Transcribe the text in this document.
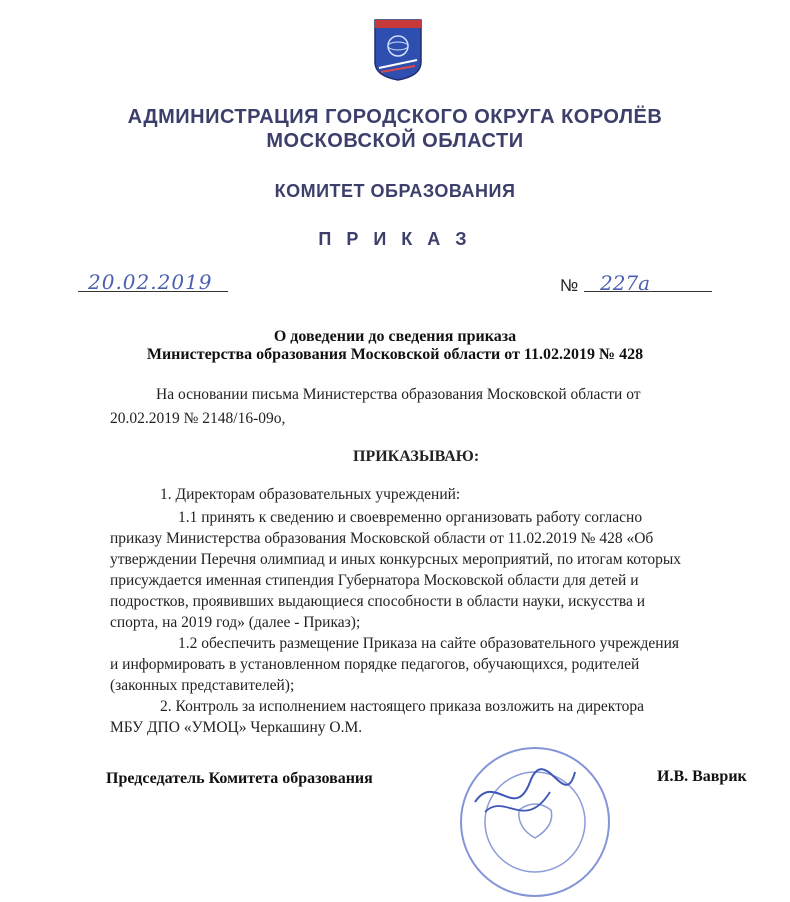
АДМИНИСТРАЦИЯ ГОРОДСКОГО ОКРУГА КОРОЛЁВ
МОСКОВСКОЙ ОБЛАСТИ
КОМИТЕТ ОБРАЗОВАНИЯ
П Р И К А З
20.02.2019	№ 227а
О доведении до сведения приказа
Министерства образования Московской области от 11.02.2019 № 428
На основании письма Министерства образования Московской области от
20.02.2019 № 2148/16-09о,
ПРИКАЗЫВАЮ:
1. Директорам образовательных учреждений:
1.1 принять к сведению и своевременно организовать работу согласно
приказу Министерства образования Московской области от 11.02.2019 № 428 «Об
утверждении Перечня олимпиад и иных конкурсных мероприятий, по итогам которых
присуждается именная стипендия Губернатора Московской области для детей и
подростков, проявивших выдающиеся способности в области науки, искусства и
спорта, на 2019 год» (далее - Приказ);
1.2 обеспечить размещение Приказа на сайте образовательного учреждения
и информировать в установленном порядке педагогов, обучающихся, родителей
(законных представителей);
2. Контроль за исполнением настоящего приказа возложить на директора
МБУ ДПО «УМОЦ» Черкашину О.М.
Председатель Комитета образования	И.В. Ваврик
